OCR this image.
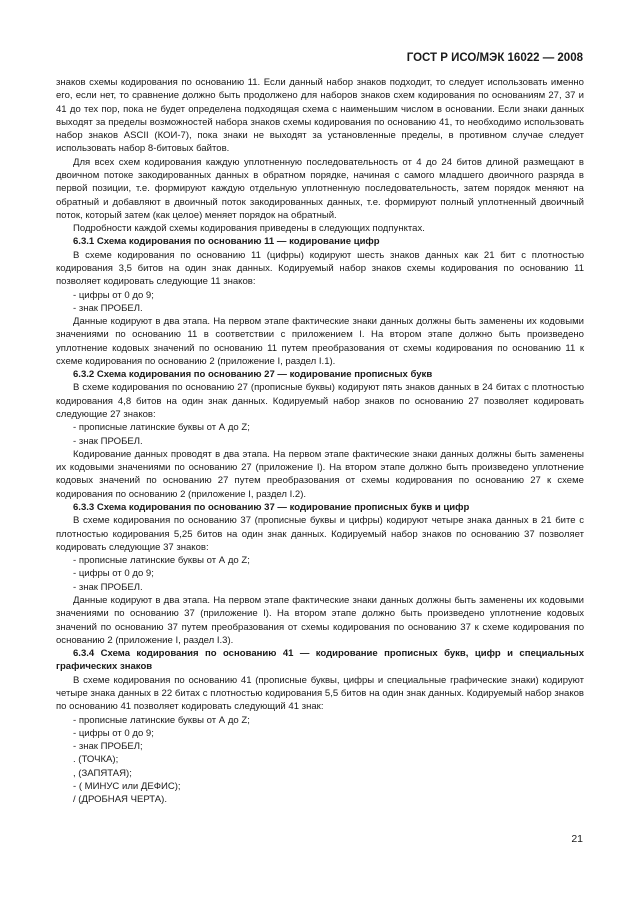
ГОСТ Р ИСО/МЭК 16022 — 2008

знаков схемы кодирования по основанию 11. Если данный набор знаков подходит, то следует использовать именно его, если нет, то сравнение должно быть продолжено для наборов знаков схем кодирования по основаниям 27, 37 и 41 до тех пор, пока не будет определена подходящая схема с наименьшим числом в основании. Если знаки данных выходят за пределы возможностей набора знаков схемы кодирования по основанию 41, то необходимо использовать набор знаков ASCII (КОИ-7), пока знаки не выходят за установленные пределы, в противном случае следует использовать набор 8-битовых байтов.

Для всех схем кодирования каждую уплотненную последовательность от 4 до 24 битов длиной размещают в двоичном потоке закодированных данных в обратном порядке, начиная с самого младшего двоичного разряда в первой позиции, т.е. формируют каждую отдельную уплотненную последовательность, затем порядок меняют на обратный и добавляют в двоичный поток закодированных данных, т.е. формируют полный уплотненный двоичный поток, который затем (как целое) меняет порядок на обратный.

Подробности каждой схемы кодирования приведены в следующих подпунктах.

6.3.1 Схема кодирования по основанию 11 — кодирование цифр

В схеме кодирования по основанию 11 (цифры) кодируют шесть знаков данных как 21 бит с плотностью кодирования 3,5 битов на один знак данных. Кодируемый набор знаков схемы кодирования по основанию 11 позволяет кодировать следующие 11 знаков:

- цифры от 0 до 9;

- знак ПРОБЕЛ.

Данные кодируют в два этапа. На первом этапе фактические знаки данных должны быть заменены их кодовыми значениями по основанию 11 в соответствии с приложением I. На втором этапе должно быть произведено уплотнение кодовых значений по основанию 11 путем преобразования от схемы кодирования по основанию 11 к схеме кодирования по основанию 2 (приложение I, раздел I.1).

6.3.2 Схема кодирования по основанию 27 — кодирование прописных букв

В схеме кодирования по основанию 27 (прописные буквы) кодируют пять знаков данных в 24 битах с плотностью кодирования 4,8 битов на один знак данных. Кодируемый набор знаков по основанию 27 позволяет кодировать следующие 27 знаков:

- прописные латинские буквы от А до Z;

- знак ПРОБЕЛ.

Кодирование данных проводят в два этапа. На первом этапе фактические знаки данных должны быть заменены их кодовыми значениями по основанию 27 (приложение I). На втором этапе должно быть произведено уплотнение кодовых значений по основанию 27 путем преобразования от схемы кодирования по основанию 27 к схеме кодирования по основанию 2 (приложение I, раздел I.2).

6.3.3 Схема кодирования по основанию 37 — кодирование прописных букв и цифр

В схеме кодирования по основанию 37 (прописные буквы и цифры) кодируют четыре знака данных в 21 бите с плотностью кодирования 5,25 битов на один знак данных. Кодируемый набор знаков по основанию 37 позволяет кодировать следующие 37 знаков:

- прописные латинские буквы от А до Z;

- цифры от 0 до 9;

- знак ПРОБЕЛ.

Данные кодируют в два этапа. На первом этапе фактические знаки данных должны быть заменены их кодовыми значениями по основанию 37 (приложение I). На втором этапе должно быть произведено уплотнение кодовых значений по основанию 37 путем преобразования от схемы кодирования по основанию 37 к схеме кодирования по основанию 2 (приложение I, раздел I.3).

6.3.4 Схема кодирования по основанию 41 — кодирование прописных букв, цифр и специальных графических знаков

В схеме кодирования по основанию 41 (прописные буквы, цифры и специальные графические знаки) кодируют четыре знака данных в 22 битах с плотностью кодирования 5,5 битов на один знак данных. Кодируемый набор знаков по основанию 41 позволяет кодировать следующий 41 знак:

- прописные латинские буквы от А до Z;

- цифры от 0 до 9;

- знак ПРОБЕЛ;

. (ТОЧКА);

, (ЗАПЯТАЯ);

- ( МИНУС или ДЕФИС);

/ (ДРОБНАЯ ЧЕРТА).

21
